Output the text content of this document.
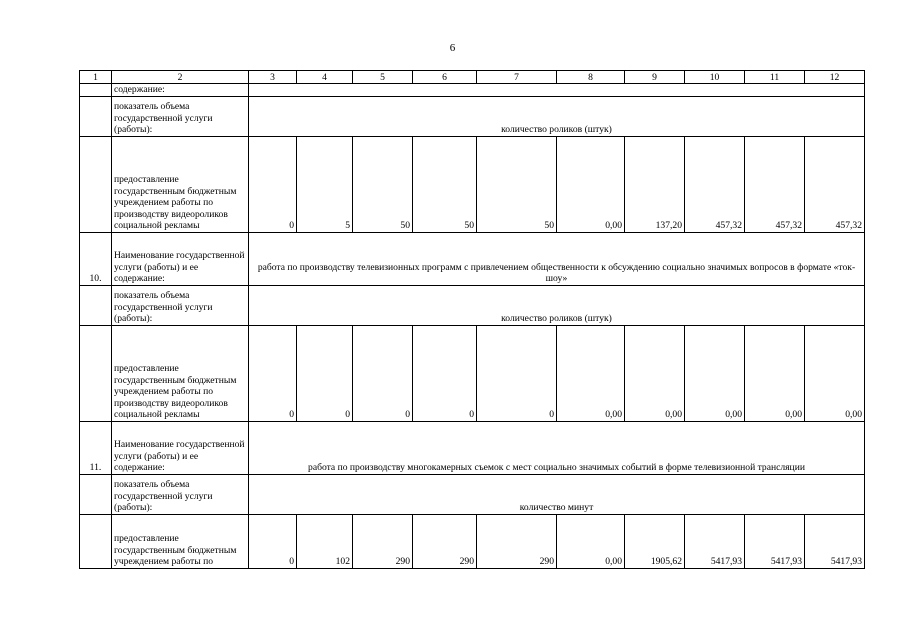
6
1	2	3	4	5	6	7	8	9	10	11	12
	содержание:										
	показатель объема государственной услуги (работы):	количество роликов (штук)									
	предоставление государственным бюджетным учреждением работы по производству видеороликов социальной рекламы	0	5	50	50	50	0,00	137,20	457,32	457,32	457,32
10.	Наименование государственной услуги (работы) и ее содержание:	работа по производству телевизионных программ с привлечением общественности к обсуждению социально значимых вопросов в формате «ток-шоу»									
	показатель объема государственной услуги (работы):	количество роликов (штук)									
	предоставление государственным бюджетным учреждением работы по производству видеороликов социальной рекламы	0	0	0	0	0	0,00	0,00	0,00	0,00	0,00
11.	Наименование государственной услуги (работы) и ее содержание:	работа по производству многокамерных съемок с мест социально значимых событий в форме телевизионной трансляции									
	показатель объема государственной услуги (работы):	количество минут									
	предоставление государственным бюджетным учреждением работы по	0	102	290	290	290	0,00	1905,62	5417,93	5417,93	5417,93
